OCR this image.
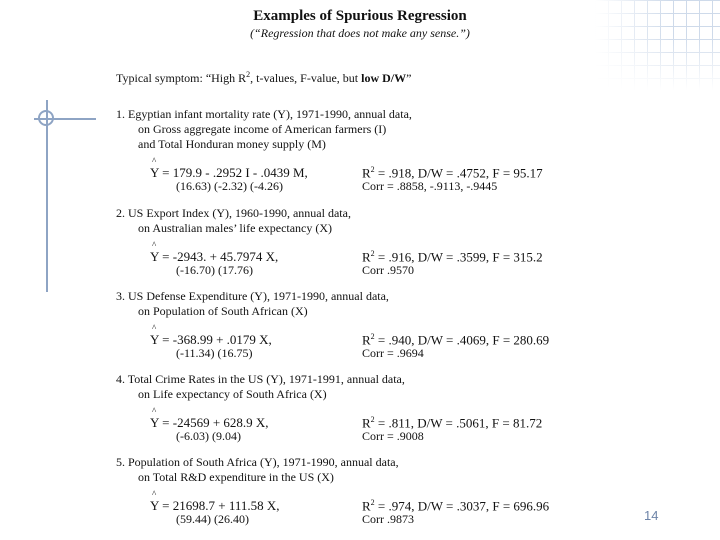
Examples of Spurious Regression
(“Regression that does not make any sense.”)
Typical symptom: “High $R^2$, t-values, F-value, but low D/W”
1. Egyptian infant mortality rate (Y), 1971-1990, annual data,
on Gross aggregate income of American farmers (I)
and Total Honduran money supply (M)
^
Y = 179.9 - .2952 I - .0439 M,
(16.63) (-2.32) (-4.26)
$R^2 = .918$, D/W = .4752, F = 95.17
Corr = .8858, -.9113, -.9445
2. US Export Index (Y), 1960-1990, annual data,
on Australian males’ life expectancy (X)
^
Y = -2943. + 45.7974 X,
(-16.70) (17.76)
$R^2 = .916$, D/W = .3599, F = 315.2
Corr .9570
3. US Defense Expenditure (Y), 1971-1990, annual data,
on Population of South African (X)
^
Y = -368.99 + .0179 X,
(-11.34) (16.75)
$R^2 = .940$, D/W = .4069, F = 280.69
Corr = .9694
4. Total Crime Rates in the US (Y), 1971-1991, annual data,
on Life expectancy of South Africa (X)
^
Y = -24569 + 628.9 X,
(-6.03) (9.04)
$R^2 = .811$, D/W = .5061, F = 81.72
Corr = .9008
5. Population of South Africa (Y), 1971-1990, annual data,
on Total R&D expenditure in the US (X)
^
Y = 21698.7 + 111.58 X,
(59.44) (26.40)
$R^2 = .974$, D/W = .3037, F = 696.96
Corr .9873	14
